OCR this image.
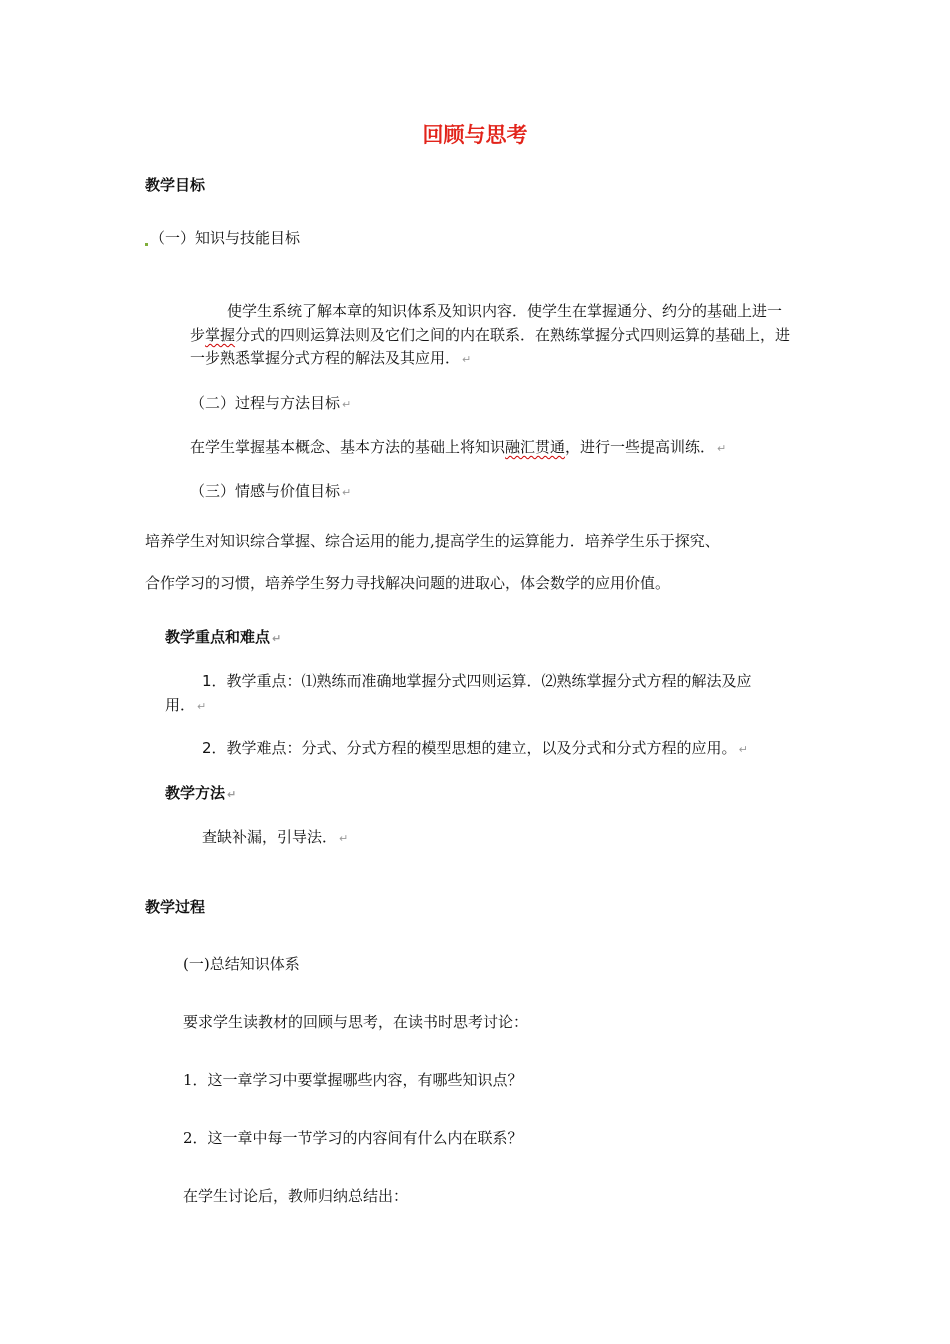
回顾与思考
教学目标
（一）知识与技能目标
使学生系统了解本章的知识体系及知识内容．使学生在掌握通分、约分的基础上进一
步掌握分式的四则运算法则及它们之间的内在联系．在熟练掌握分式四则运算的基础上，进
一步熟悉掌握分式方程的解法及其应用． ↵
（二）过程与方法目标 ↵
在学生掌握基本概念、基本方法的基础上将知识融汇贯通，进行一些提高训练． ↵
（三）情感与价值目标 ↵
培养学生对知识综合掌握、综合运用的能力,提高学生的运算能力．培养学生乐于探究、
合作学习的习惯，培养学生努力寻找解决问题的进取心，体会数学的应用价值。
教学重点和难点 ↵
1．教学重点：⑴熟练而准确地掌握分式四则运算．⑵熟练掌握分式方程的解法及应
用． ↵
2．教学难点：分式、分式方程的模型思想的建立，以及分式和分式方程的应用。 ↵
教学方法 ↵
查缺补漏，引导法． ↵
教学过程
(一)总结知识体系
要求学生读教材的回顾与思考，在读书时思考讨论：
1．这一章学习中要掌握哪些内容，有哪些知识点？
2．这一章中每一节学习的内容间有什么内在联系？
在学生讨论后，教师归纳总结出：
